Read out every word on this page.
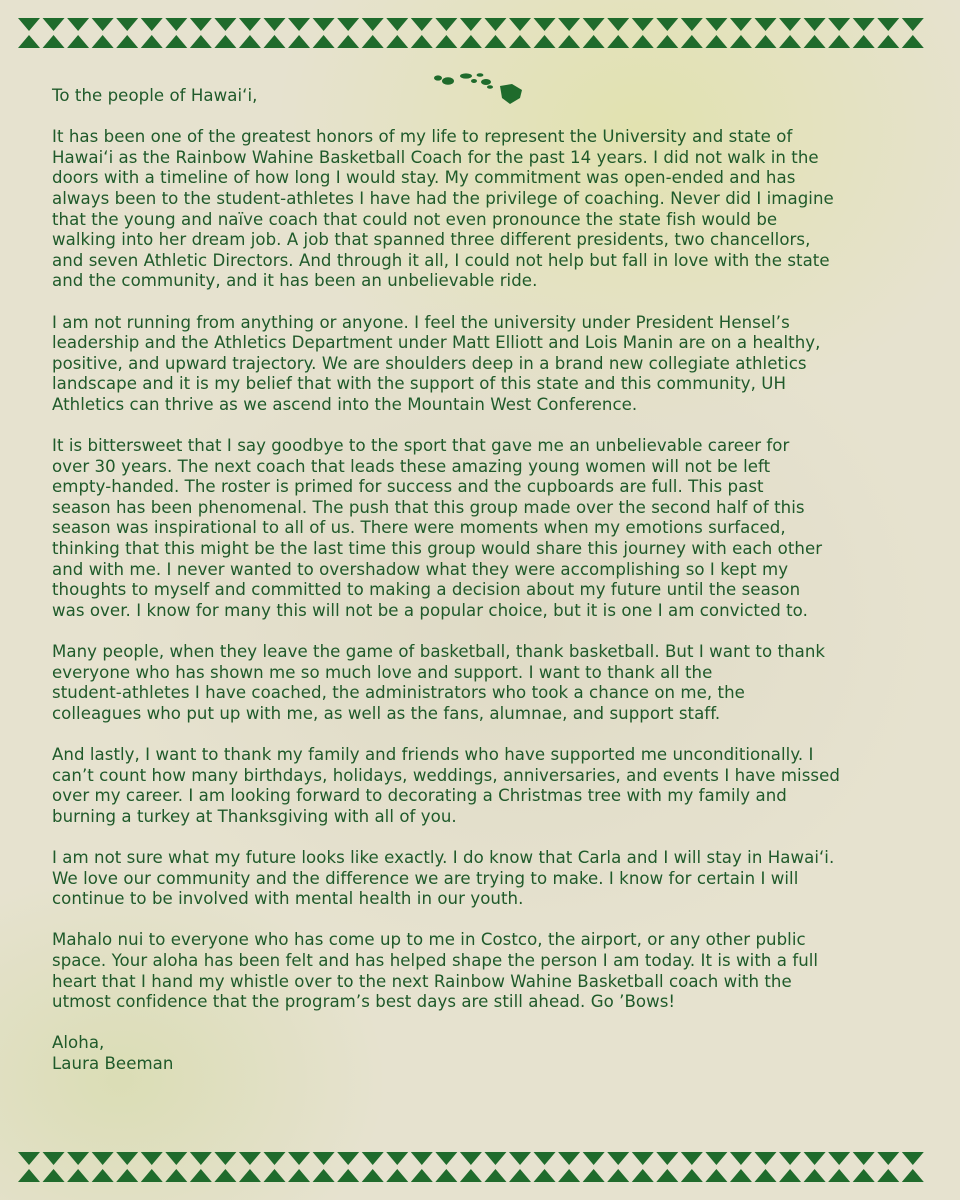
To the people of Hawaiʻi,

It has been one of the greatest honors of my life to represent the University and state of
Hawaiʻi as the Rainbow Wahine Basketball Coach for the past 14 years. I did not walk in the
doors with a timeline of how long I would stay. My commitment was open-ended and has
always been to the student-athletes I have had the privilege of coaching. Never did I imagine
that the young and naïve coach that could not even pronounce the state fish would be
walking into her dream job. A job that spanned three different presidents, two chancellors,
and seven Athletic Directors. And through it all, I could not help but fall in love with the state
and the community, and it has been an unbelievable ride.

I am not running from anything or anyone. I feel the university under President Hensel’s
leadership and the Athletics Department under Matt Elliott and Lois Manin are on a healthy,
positive, and upward trajectory. We are shoulders deep in a brand new collegiate athletics
landscape and it is my belief that with the support of this state and this community, UH
Athletics can thrive as we ascend into the Mountain West Conference.

It is bittersweet that I say goodbye to the sport that gave me an unbelievable career for
over 30 years. The next coach that leads these amazing young women will not be left
empty-handed. The roster is primed for success and the cupboards are full. This past
season has been phenomenal. The push that this group made over the second half of this
season was inspirational to all of us. There were moments when my emotions surfaced,
thinking that this might be the last time this group would share this journey with each other
and with me. I never wanted to overshadow what they were accomplishing so I kept my
thoughts to myself and committed to making a decision about my future until the season
was over. I know for many this will not be a popular choice, but it is one I am convicted to.

Many people, when they leave the game of basketball, thank basketball. But I want to thank
everyone who has shown me so much love and support. I want to thank all the
student-athletes I have coached, the administrators who took a chance on me, the
colleagues who put up with me, as well as the fans, alumnae, and support staff.

And lastly, I want to thank my family and friends who have supported me unconditionally. I
can’t count how many birthdays, holidays, weddings, anniversaries, and events I have missed
over my career. I am looking forward to decorating a Christmas tree with my family and
burning a turkey at Thanksgiving with all of you.

I am not sure what my future looks like exactly. I do know that Carla and I will stay in Hawaiʻi.
We love our community and the difference we are trying to make. I know for certain I will
continue to be involved with mental health in our youth.

Mahalo nui to everyone who has come up to me in Costco, the airport, or any other public
space. Your aloha has been felt and has helped shape the person I am today. It is with a full
heart that I hand my whistle over to the next Rainbow Wahine Basketball coach with the
utmost confidence that the program’s best days are still ahead. Go ’Bows!

Aloha,

Laura Beeman
